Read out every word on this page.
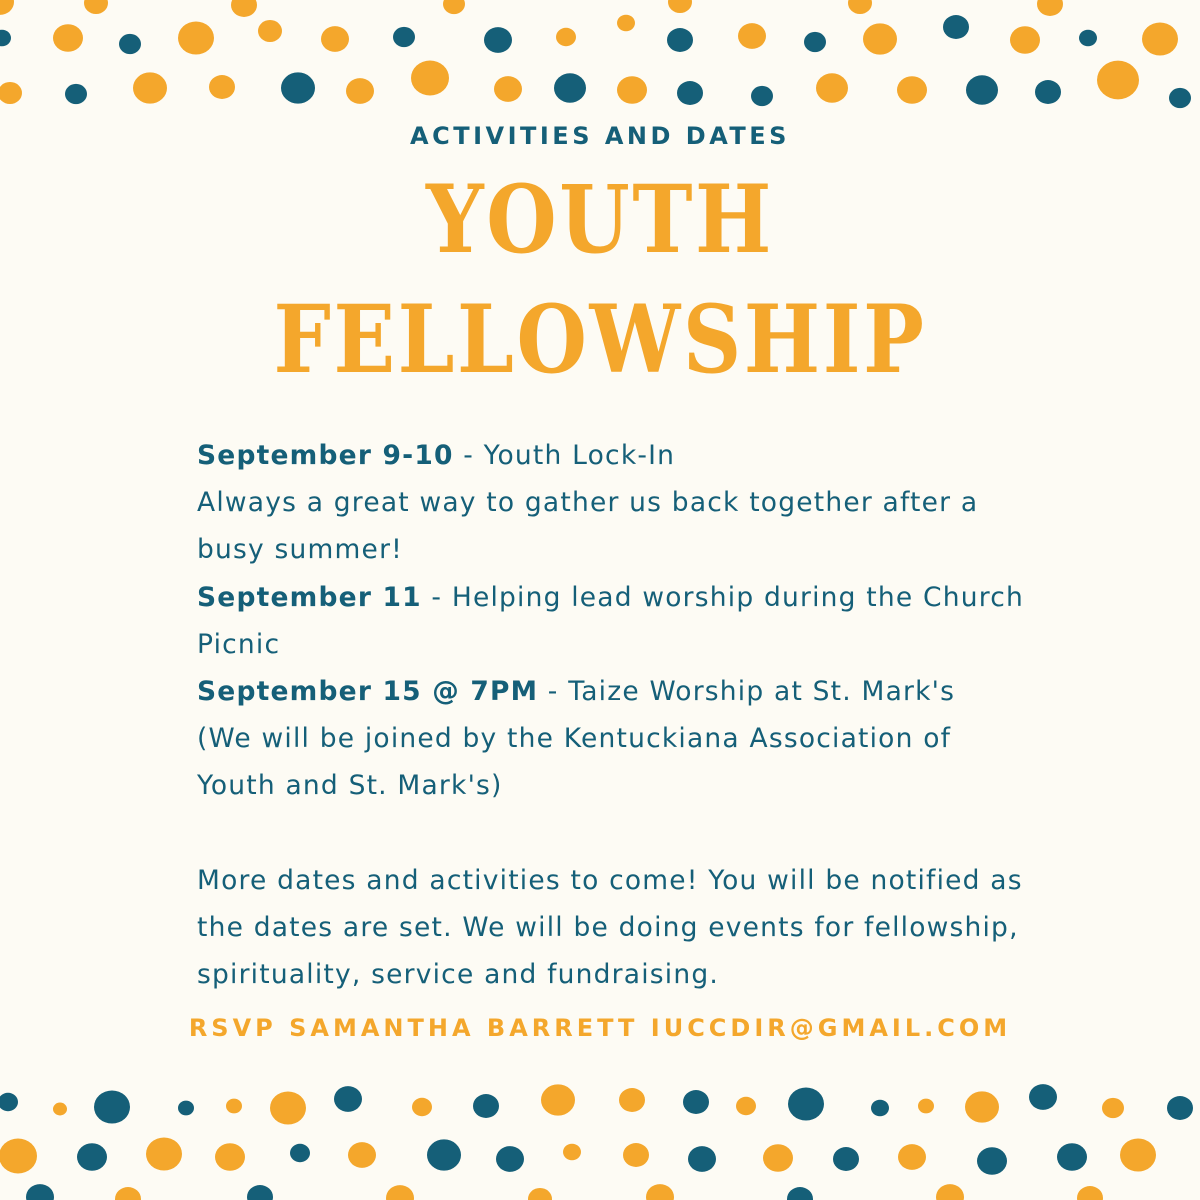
ACTIVITIES AND DATES
YOUTH
FELLOWSHIP

September 9-10 - Youth Lock-In

Always a great way to gather us back together after a busy summer!

September 11 - Helping lead worship during the Church Picnic

September 15 @ 7PM - Taize Worship at St. Mark's

(We will be joined by the Kentuckiana Association of Youth and St. Mark's)

More dates and activities to come! You will be notified as the dates are set. We will be doing events for fellowship, spirituality, service and fundraising.

RSVP SAMANTHA BARRETT IUCCDIR@GMAIL.COM
